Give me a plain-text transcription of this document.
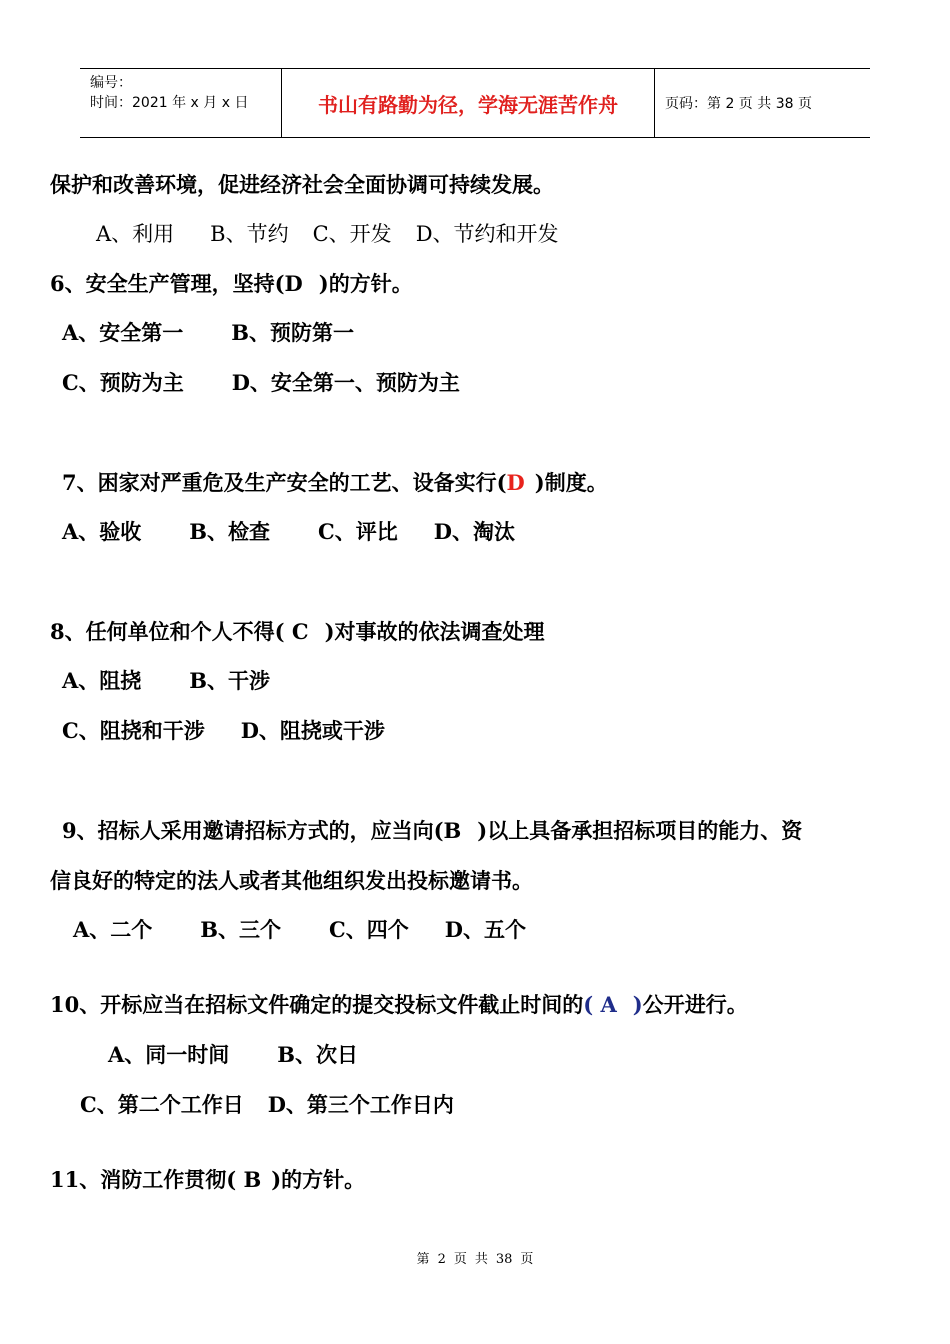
编号：
时间：2021 年 x 月 x 日	书山有路勤为径，学海无涯苦作舟	页码：第 2 页 共 38 页
保护和改善环境，促进经济社会全面协调可持续发展。
A、利用 B、节约 C、开发 D、节约和开发
6、安全生产管理，坚持(D )的方针。
A、安全第一 B、预防第一
C、预防为主 D、安全第一、预防为主
7、困家对严重危及生产安全的工艺、设备实行(D )制度。
A、验收 B、检查 C、评比 D、淘汰
8、任何单位和个人不得( C )对事故的依法调查处理
A、阻挠 B、干涉
C、阻挠和干涉 D、阻挠或干涉
9、招标人采用邀请招标方式的，应当向(B )以上具备承担招标项目的能力、资
信良好的特定的法人或者其他组织发出投标邀请书。
A、二个 B、三个 C、四个 D、五个
10、开标应当在招标文件确定的提交投标文件截止时间的( A )公开进行。
A、同一时间 B、次日
C、第二个工作日 D、第三个工作日内
11、消防工作贯彻( B )的方针。
第 2 页 共 38 页
